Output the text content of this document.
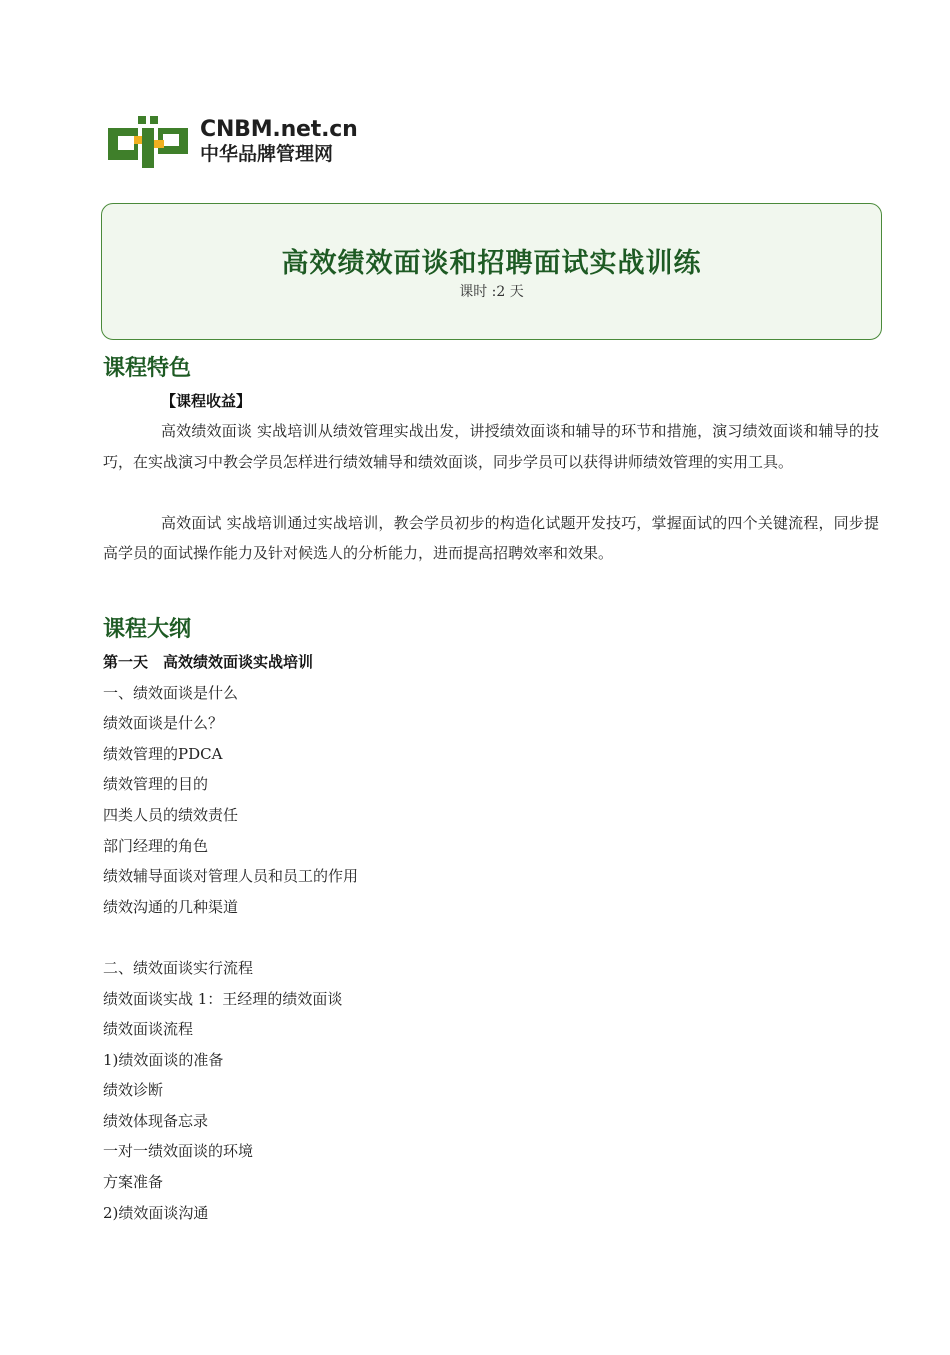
CNBM.net.cn
中华品牌管理网
高效绩效面谈和招聘面试实战训练
课时 :2 天
课程特色
【课程收益】

高效绩效面谈 实战培训从绩效管理实战出发，讲授绩效面谈和辅导的环节和措施，演习绩效面谈和辅导的技巧，在实战演习中教会学员怎样进行绩效辅导和绩效面谈，同步学员可以获得讲师绩效管理的实用工具。

高效面试 实战培训通过实战培训，教会学员初步的构造化试题开发技巧，掌握面试的四个关键流程，同步提高学员的面试操作能力及针对候选人的分析能力，进而提高招聘效率和效果。

课程大纲
第一天　高效绩效面谈实战培训
一、绩效面谈是什么
绩效面谈是什么？
绩效管理的PDCA
绩效管理的目的
四类人员的绩效责任
部门经理的角色
绩效辅导面谈对管理人员和员工的作用
绩效沟通的几种渠道
二、绩效面谈实行流程
绩效面谈实战 1：王经理的绩效面谈
绩效面谈流程
1)绩效面谈的准备
绩效诊断
绩效体现备忘录
一对一绩效面谈的环境
方案准备
2)绩效面谈沟通
